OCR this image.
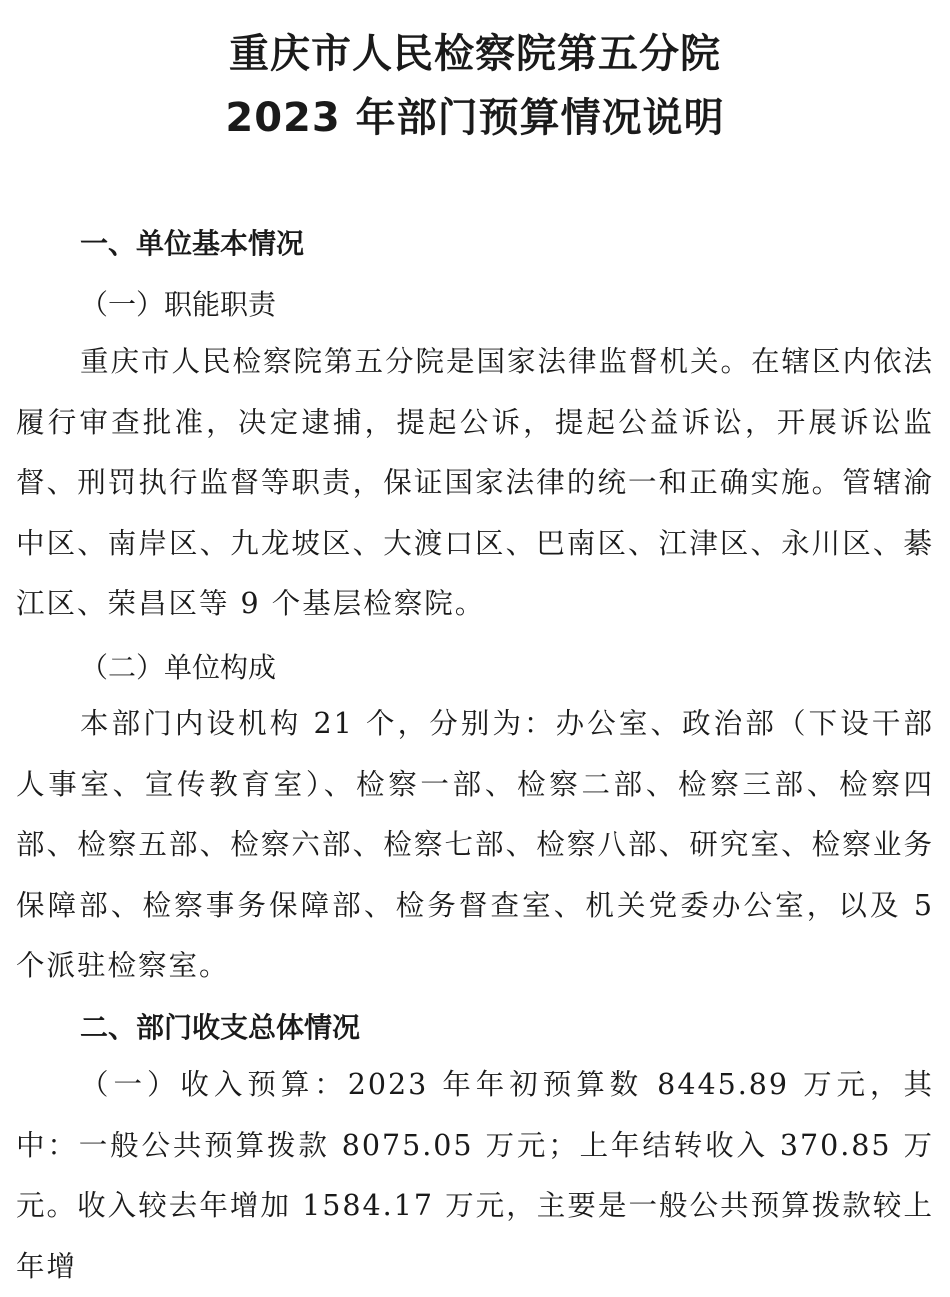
重庆市人民检察院第五分院
2023 年部门预算情况说明
一、单位基本情况
（一）职能职责

重庆市人民检察院第五分院是国家法律监督机关。在辖区内依法履行审查批准，决定逮捕，提起公诉，提起公益诉讼，开展诉讼监督、刑罚执行监督等职责，保证国家法律的统一和正确实施。管辖渝中区、南岸区、九龙坡区、大渡口区、巴南区、江津区、永川区、綦江区、荣昌区等 9 个基层检察院。

（二）单位构成

本部门内设机构 21 个，分别为：办公室、政治部（下设干部人事室、宣传教育室）、检察一部、检察二部、检察三部、检察四部、检察五部、检察六部、检察七部、检察八部、研究室、检察业务保障部、检察事务保障部、检务督查室、机关党委办公室，以及 5 个派驻检察室。

二、部门收支总体情况

（一）收入预算：2023 年年初预算数 8445.89 万元，其中：一般公共预算拨款 8075.05 万元；上年结转收入 370.85 万元。收入较去年增加 1584.17 万元，主要是一般公共预算拨款较上年增
